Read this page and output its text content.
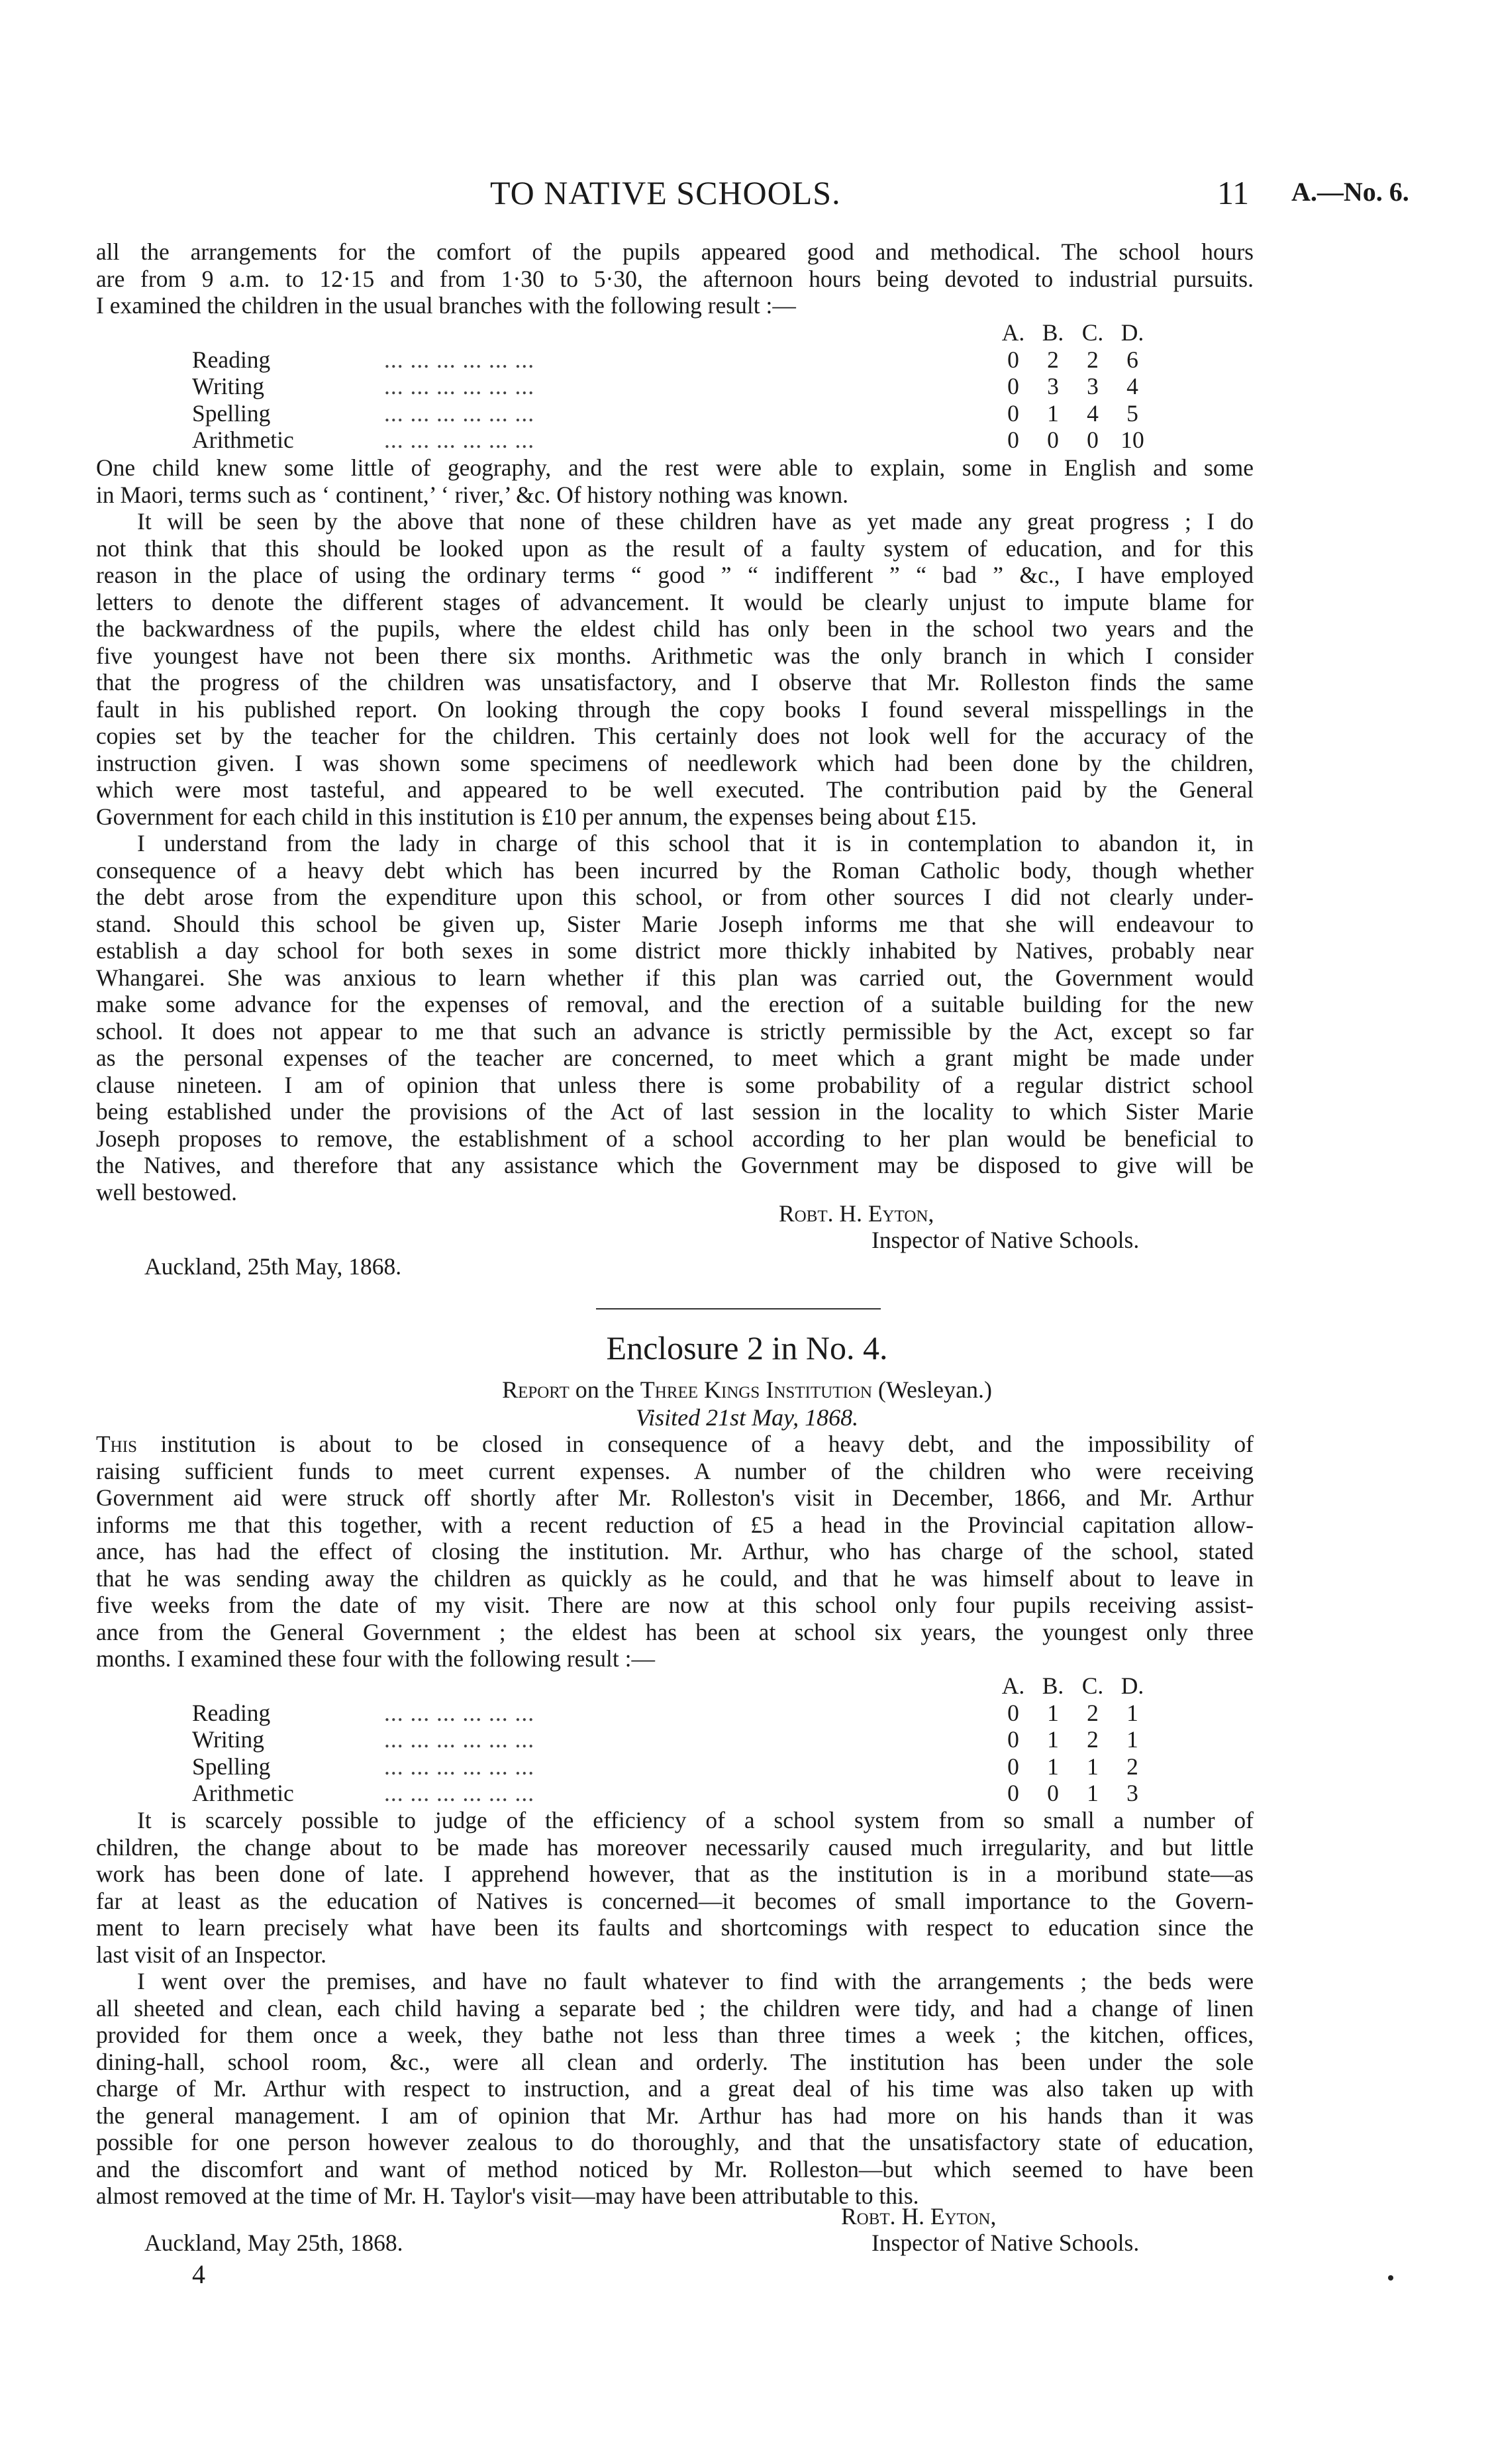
TO NATIVE SCHOOLS.	11 A.—No. 6.
all the arrangements for the comfort of the pupils appeared good and methodical. The school hours
are from 9 a.m. to 12·15 and from 1·30 to 5·30, the afternoon hours being devoted to industrial pursuits.
I examined the children in the usual branches with the following result :—
		A.	B.	C.	D.
Reading	... ... ... ... ... ...	0	2	2	6
Writing	... ... ... ... ... ...	0	3	3	4
Spelling	... ... ... ... ... ...	0	1	4	5
Arithmetic	... ... ... ... ... ...	0	0	0	10
One child knew some little of geography, and the rest were able to explain, some in English and some
in Maori, terms such as ‘ continent,’ ‘ river,’ &c. Of history nothing was known.
It will be seen by the above that none of these children have as yet made any great progress ; I do
not think that this should be looked upon as the result of a faulty system of education, and for this
reason in the place of using the ordinary terms “ good ” “ indifferent ” “ bad ” &c., I have employed
letters to denote the different stages of advancement. It would be clearly unjust to impute blame for
the backwardness of the pupils, where the eldest child has only been in the school two years and the
five youngest have not been there six months. Arithmetic was the only branch in which I consider
that the progress of the children was unsatisfactory, and I observe that Mr. Rolleston finds the same
fault in his published report. On looking through the copy books I found several misspellings in the
copies set by the teacher for the children. This certainly does not look well for the accuracy of the
instruction given. I was shown some specimens of needlework which had been done by the children,
which were most tasteful, and appeared to be well executed. The contribution paid by the General
Government for each child in this institution is £10 per annum, the expenses being about £15.
I understand from the lady in charge of this school that it is in contemplation to abandon it, in
consequence of a heavy debt which has been incurred by the Roman Catholic body, though whether
the debt arose from the expenditure upon this school, or from other sources I did not clearly under-
stand. Should this school be given up, Sister Marie Joseph informs me that she will endeavour to
establish a day school for both sexes in some district more thickly inhabited by Natives, probably near
Whangarei. She was anxious to learn whether if this plan was carried out, the Government would
make some advance for the expenses of removal, and the erection of a suitable building for the new
school. It does not appear to me that such an advance is strictly permissible by the Act, except so far
as the personal expenses of the teacher are concerned, to meet which a grant might be made under
clause nineteen. I am of opinion that unless there is some probability of a regular district school
being established under the provisions of the Act of last session in the locality to which Sister Marie
Joseph proposes to remove, the establishment of a school according to her plan would be beneficial to
the Natives, and therefore that any assistance which the Government may be disposed to give will be
well bestowed.
Robt. H. Eyton,
Inspector of Native Schools.
Auckland, 25th May, 1868.
Enclosure 2 in No. 4.
Report on the Three Kings Institution (Wesleyan.)
Visited 21st May, 1868.
This institution is about to be closed in consequence of a heavy debt, and the impossibility of
raising sufficient funds to meet current expenses. A number of the children who were receiving
Government aid were struck off shortly after Mr. Rolleston's visit in December, 1866, and Mr. Arthur
informs me that this together, with a recent reduction of £5 a head in the Provincial capitation allow-
ance, has had the effect of closing the institution. Mr. Arthur, who has charge of the school, stated
that he was sending away the children as quickly as he could, and that he was himself about to leave in
five weeks from the date of my visit. There are now at this school only four pupils receiving assist-
ance from the General Government ; the eldest has been at school six years, the youngest only three
months. I examined these four with the following result :—
		A.	B.	C.	D.
Reading	... ... ... ... ... ...	0	1	2	1
Writing	... ... ... ... ... ...	0	1	2	1
Spelling	... ... ... ... ... ...	0	1	1	2
Arithmetic	... ... ... ... ... ...	0	0	1	3
It is scarcely possible to judge of the efficiency of a school system from so small a number of
children, the change about to be made has moreover necessarily caused much irregularity, and but little
work has been done of late. I apprehend however, that as the institution is in a moribund state—as
far at least as the education of Natives is concerned—it becomes of small importance to the Govern-
ment to learn precisely what have been its faults and shortcomings with respect to education since the
last visit of an Inspector.
I went over the premises, and have no fault whatever to find with the arrangements ; the beds were
all sheeted and clean, each child having a separate bed ; the children were tidy, and had a change of linen
provided for them once a week, they bathe not less than three times a week ; the kitchen, offices,
dining-hall, school room, &c., were all clean and orderly. The institution has been under the sole
charge of Mr. Arthur with respect to instruction, and a great deal of his time was also taken up with
the general management. I am of opinion that Mr. Arthur has had more on his hands than it was
possible for one person however zealous to do thoroughly, and that the unsatisfactory state of education,
and the discomfort and want of method noticed by Mr. Rolleston—but which seemed to have been
almost removed at the time of Mr. H. Taylor's visit—may have been attributable to this.
Robt. H. Eyton,
Inspector of Native Schools.
Auckland, May 25th, 1868.
4
